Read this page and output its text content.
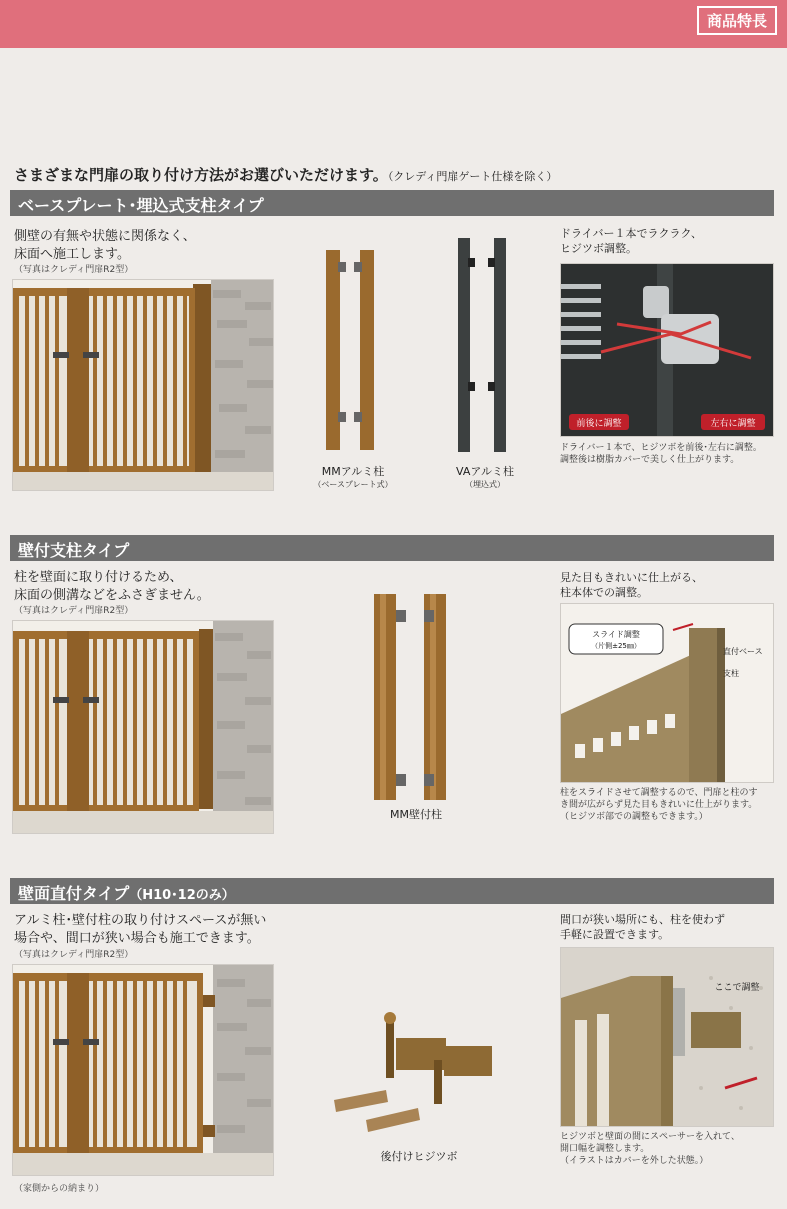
商品特長
さまざまな門扉の取り付け方法がお選びいただけます。（クレディ門扉ゲート仕様を除く）
ベースプレート･埋込式支柱タイプ
側壁の有無や状態に関係なく、
床面へ施工します。
（写真はクレディ門扉R2型）
MMアルミ柱
（ベースプレート式）
VAアルミ柱
（埋込式）
ドライバー１本でラクラク、
ヒジツボ調整。
前後に調整	左右に調整
ドライバー１本で、ヒジツボを前後･左右に調整。
調整後は樹脂カバーで美しく仕上がります。
壁付支柱タイプ
柱を壁面に取り付けるため、
床面の側溝などをふさぎません。
（写真はクレディ門扉R2型）
MM壁付柱
見た目もきれいに仕上がる、
柱本体での調整。
スライド調整
（片側±25㎜）
直付ベース
支柱
柱をスライドさせて調整するので、門扉と柱のす
き間が広がらず見た目もきれいに仕上がります。
（ヒジツボ部での調整もできます。）
壁面直付タイプ（H10･12のみ）
アルミ柱･壁付柱の取り付けスペースが無い
場合や、間口が狭い場合も施工できます。
（写真はクレディ門扉R2型）
（家側からの納まり）
後付けヒジツボ
間口が狭い場所にも、柱を使わず
手軽に設置できます。
ここで調整
ヒジツボと壁面の間にスペーサーを入れて、
開口幅を調整します。
（イラストはカバーを外した状態。）
